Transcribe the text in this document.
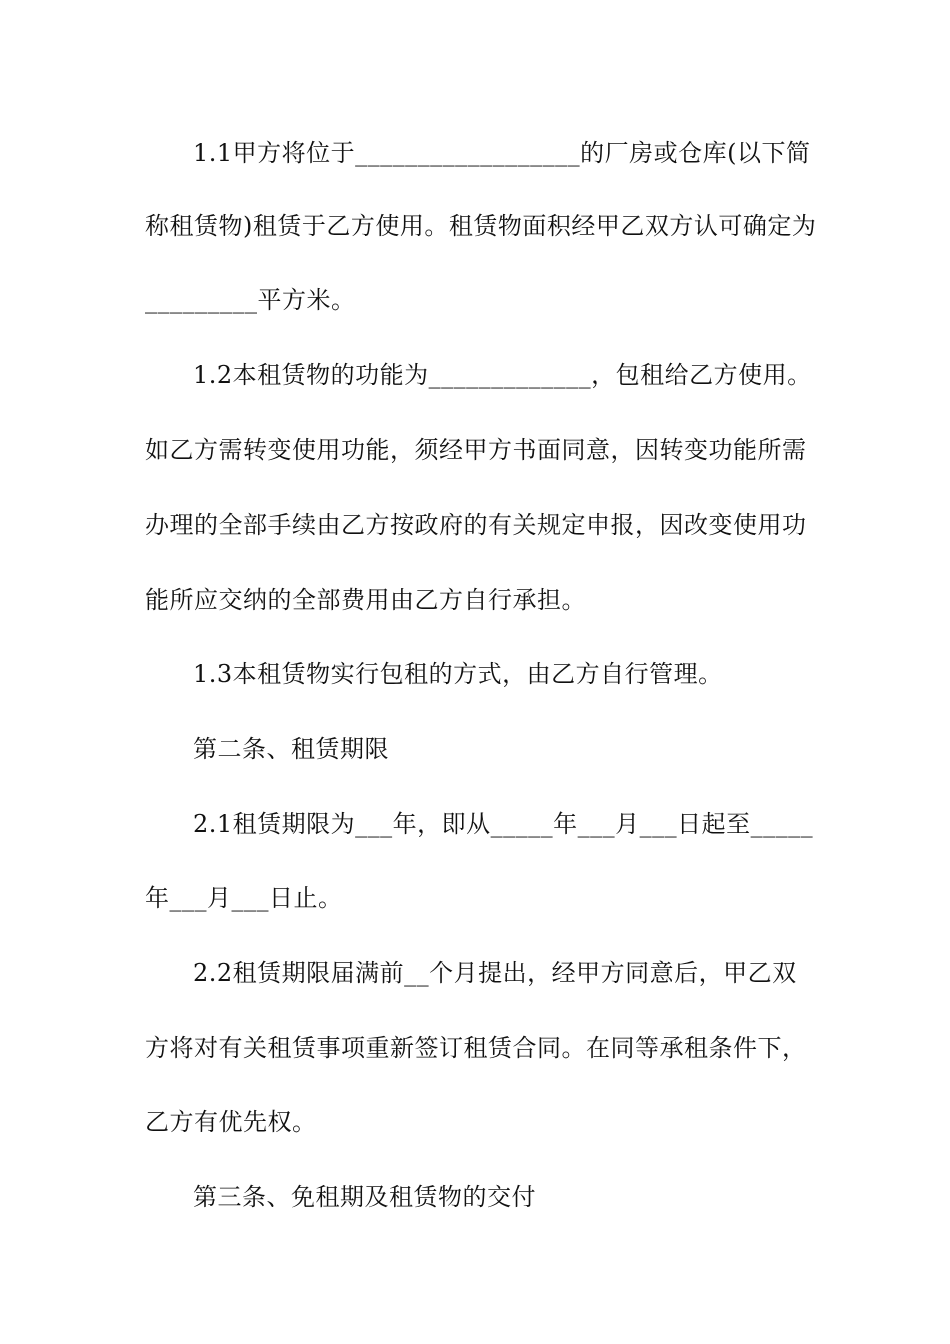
1.1甲方将位于__________________的厂房或仓库(以下简
称租赁物)租赁于乙方使用。租赁物面积经甲乙双方认可确定为
_________平方米。
1.2本租赁物的功能为_____________，包租给乙方使用。
如乙方需转变使用功能，须经甲方书面同意，因转变功能所需
办理的全部手续由乙方按政府的有关规定申报，因改变使用功
能所应交纳的全部费用由乙方自行承担。
1.3本租赁物实行包租的方式，由乙方自行管理。
第二条、租赁期限
2.1租赁期限为___年，即从_____年___月___日起至_____
年___月___日止。
2.2租赁期限届满前__个月提出，经甲方同意后，甲乙双
方将对有关租赁事项重新签订租赁合同。在同等承租条件下，
乙方有优先权。
第三条、免租期及租赁物的交付
